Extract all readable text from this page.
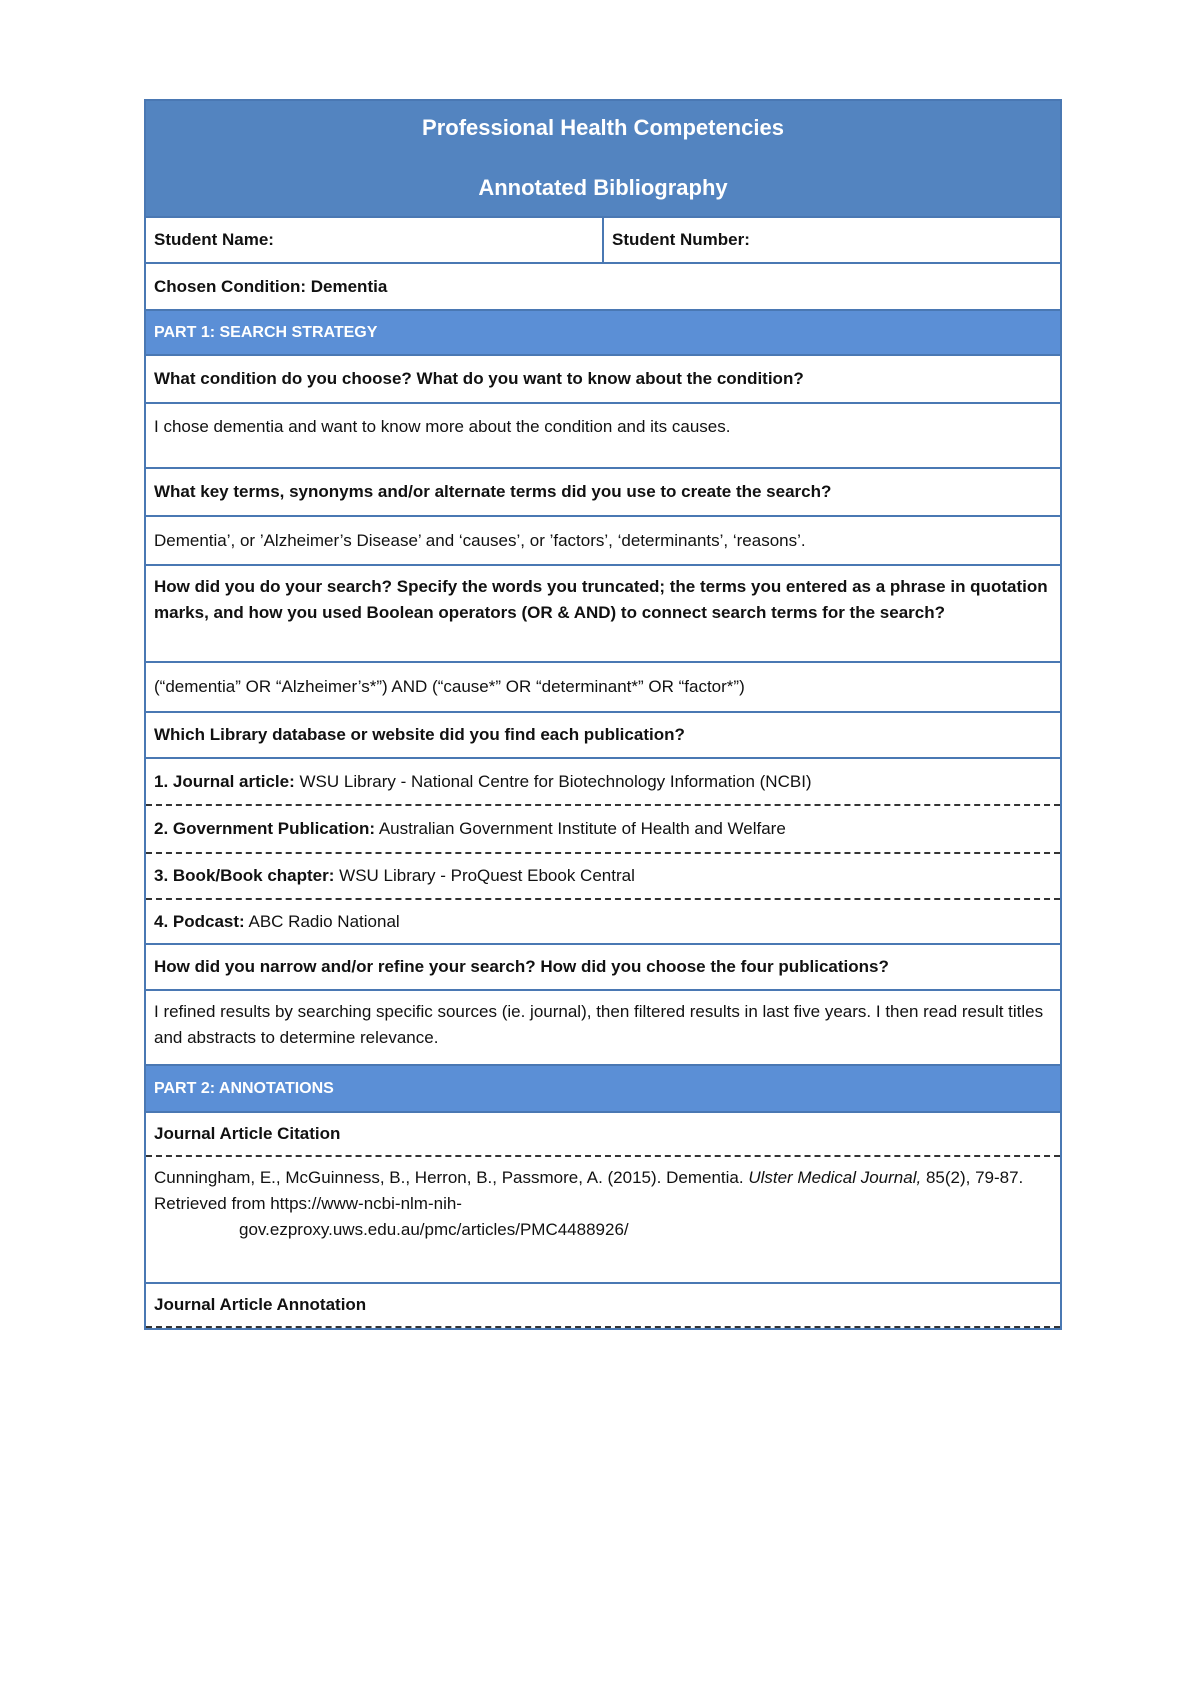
Professional Health Competencies
Annotated Bibliography
Student Name:	Student Number:
Chosen Condition: Dementia
PART 1: SEARCH STRATEGY
What condition do you choose? What do you want to know about the condition?
I chose dementia and want to know more about the condition and its causes.
What key terms, synonyms and/or alternate terms did you use to create the search?
Dementia’, or ’Alzheimer’s Disease’ and ‘causes’, or ’factors’, ‘determinants’, ‘reasons’.
How did you do your search? Specify the words you truncated; the terms you entered as a phrase in quotation marks, and how you used Boolean operators (OR & AND) to connect search terms for the search?
(“dementia” OR “Alzheimer’s*”) AND (“cause*” OR “determinant*” OR “factor*”)
Which Library database or website did you find each publication?
1. Journal article: WSU Library - National Centre for Biotechnology Information (NCBI)
2. Government Publication: Australian Government Institute of Health and Welfare
3. Book/Book chapter: WSU Library - ProQuest Ebook Central
4. Podcast: ABC Radio National
How did you narrow and/or refine your search? How did you choose the four publications?
I refined results by searching specific sources (ie. journal), then filtered results in last five years. I then read result titles and abstracts to determine relevance.
PART 2: ANNOTATIONS
Journal Article Citation
Cunningham, E., McGuinness, B., Herron, B., Passmore, A. (2015). Dementia. Ulster Medical Journal, 85(2), 79-87. Retrieved from https://www-ncbi-nlm-nih-
gov.ezproxy.uws.edu.au/pmc/articles/PMC4488926/
Journal Article Annotation
